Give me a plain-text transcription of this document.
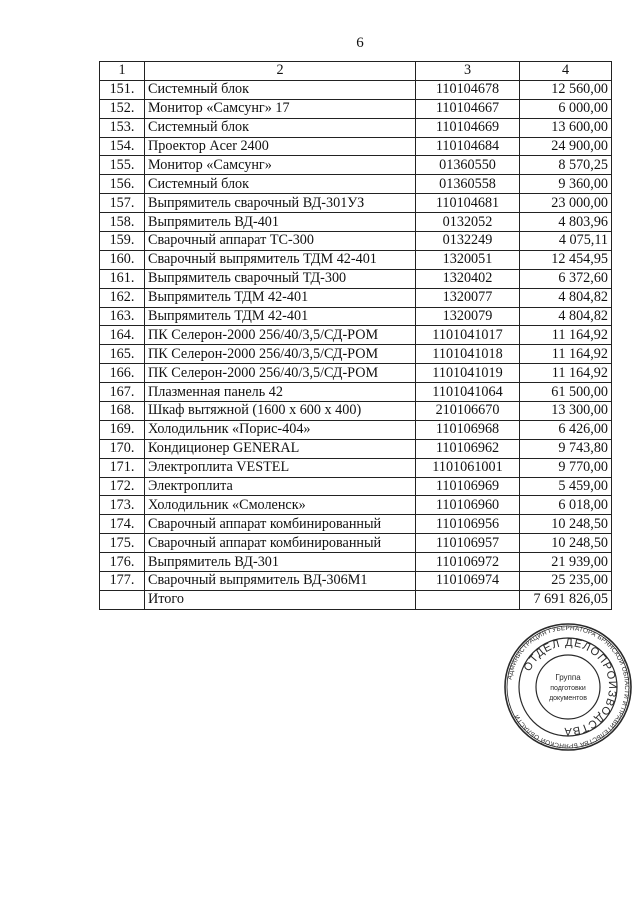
6
1	2	3	4
151.	Системный блок	110104678	12 560,00
152.	Монитор «Самсунг» 17	110104667	6 000,00
153.	Системный блок	110104669	13 600,00
154.	Проектор Acer 2400	110104684	24 900,00
155.	Монитор «Самсунг»	01360550	8 570,25
156.	Системный блок	01360558	9 360,00
157.	Выпрямитель сварочный ВД-301УЗ	110104681	23 000,00
158.	Выпрямитель ВД-401	0132052	4 803,96
159.	Сварочный аппарат ТС-300	0132249	4 075,11
160.	Сварочный выпрямитель ТДМ 42-401	1320051	12 454,95
161.	Выпрямитель сварочный ТД-300	1320402	6 372,60
162.	Выпрямитель ТДМ 42-401	1320077	4 804,82
163.	Выпрямитель ТДМ 42-401	1320079	4 804,82
164.	ПК Селерон-2000 256/40/3,5/СД-РОМ	1101041017	11 164,92
165.	ПК Селерон-2000 256/40/3,5/СД-РОМ	1101041018	11 164,92
166.	ПК Селерон-2000 256/40/3,5/СД-РОМ	1101041019	11 164,92
167.	Плазменная панель 42	1101041064	61 500,00
168.	Шкаф вытяжной (1600 х 600 х 400)	210106670	13 300,00
169.	Холодильник «Порис-404»	110106968	6 426,00
170.	Кондиционер GENERAL	110106962	9 743,80
171.	Электроплита VESTEL	1101061001	9 770,00
172.	Электроплита	110106969	5 459,00
173.	Холодильник «Смоленск»	110106960	6 018,00
174.	Сварочный аппарат комбинированный	110106956	10 248,50
175.	Сварочный аппарат комбинированный	110106957	10 248,50
176.	Выпрямитель ВД-301	110106972	21 939,00
177.	Сварочный выпрямитель ВД-306М1	110106974	25 235,00
	Итого		7 691 826,05
АДМИНИСТРАЦИЯ ГУБЕРНАТОРА БРЯНСКОЙ ОБЛАСТИ И ПРАВИТЕЛЬСТВА БРЯНСКОЙ ОБЛАСТИ
ОТДЕЛ ДЕЛОПРОИЗВОДСТВА
Группа
подготовки
документов
